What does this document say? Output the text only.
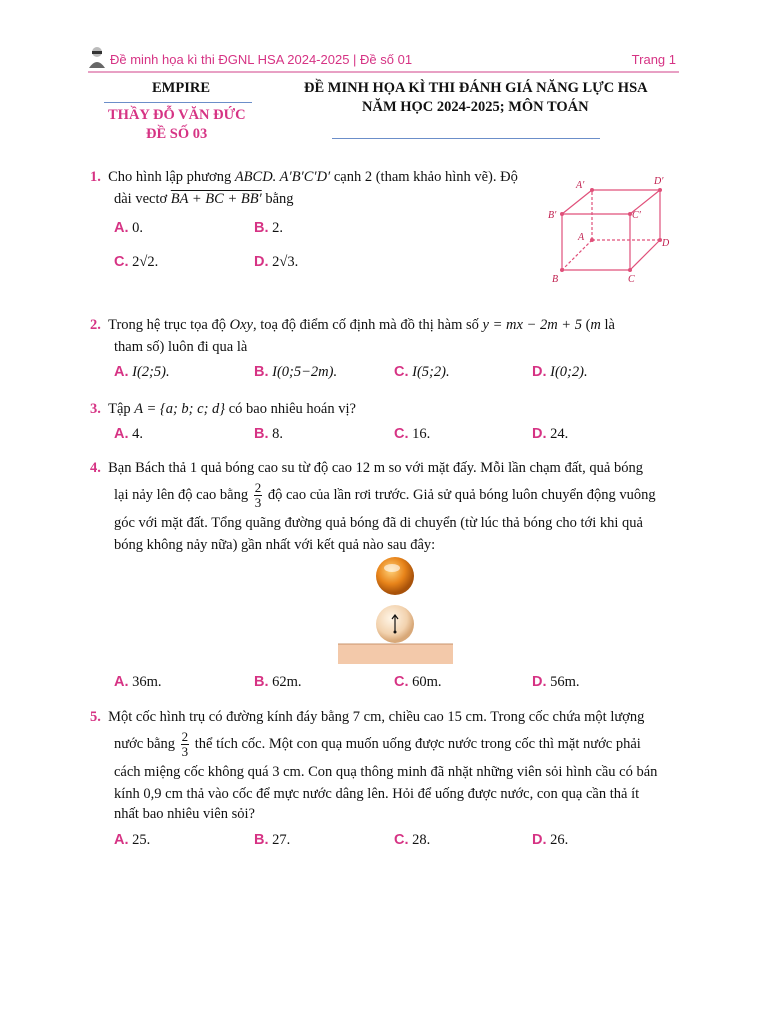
Đề minh họa kì thi ĐGNL HSA 2024-2025 | Đề số 01	Trang 1
EMPIRE
THẦY ĐỖ VĂN ĐỨC
ĐỀ SỐ 03
ĐỀ MINH HỌA KÌ THI ĐÁNH GIÁ NĂNG LỰC HSA
NĂM HỌC 2024-2025; MÔN TOÁN
1. Cho hình lập phương ABCD. A′B′C′D′ cạnh 2 (tham khảo hình vẽ). Độ
dài vectơ BA + BC + BB′ bằng
A. 0.	B. 2.
C. 2√2.	D. 2√3.
A′	D′
B′	C′
A
D
B	C
2. Trong hệ trục tọa độ Oxy, toạ độ điểm cố định mà đồ thị hàm số y = mx − 2m + 5 (m là
tham số) luôn đi qua là
A. I(2;5).	B. I(0;5−2m).	C. I(5;2).	D. I(0;2).
3. Tập A = {a; b; c; d} có bao nhiêu hoán vị?
A. 4.	B. 8.	C. 16.	D. 24.
4. Bạn Bách thả 1 quả bóng cao su từ độ cao 12 m so với mặt đấy. Mỗi lần chạm đất, quả bóng
lại nảy lên độ cao bằng $\frac{2}{3}$ độ cao của lần rơi trước. Giả sử quả bóng luôn chuyển động vuông
góc với mặt đất. Tổng quãng đường quả bóng đã di chuyển (từ lúc thả bóng cho tới khi quả
bóng không nảy nữa) gần nhất với kết quả nào sau đây:
A. 36m.	B. 62m.	C. 60m.	D. 56m.
5. Một cốc hình trụ có đường kính đáy bằng 7 cm, chiều cao 15 cm. Trong cốc chứa một lượng
nước bằng $\frac{2}{3}$ thể tích cốc. Một con quạ muốn uống được nước trong cốc thì mặt nước phải
cách miệng cốc không quá 3 cm. Con quạ thông minh đã nhặt những viên sỏi hình cầu có bán
kính 0,9 cm thả vào cốc để mực nước dâng lên. Hỏi để uống được nước, con quạ cần thả ít
nhất bao nhiêu viên sỏi?
A. 25.	B. 27.	C. 28.	D. 26.
